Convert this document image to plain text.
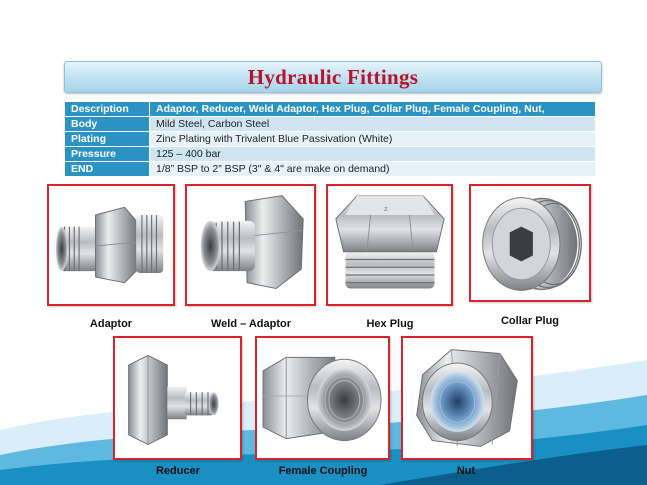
Hydraulic Fittings
Description	Adaptor, Reducer, Weld Adaptor, Hex Plug, Collar Plug, Female Coupling, Nut,
Body	Mild Steel, Carbon Steel
Plating	Zinc Plating with Trivalent Blue Passivation (White)
Pressure	125 – 400 bar
END	1/8” BSP to 2” BSP (3" & 4" are make on demand)
Adaptor	Weld – Adaptor
Z
Hex Plug	Collar Plug
Reducer	Female Coupling	Nut
